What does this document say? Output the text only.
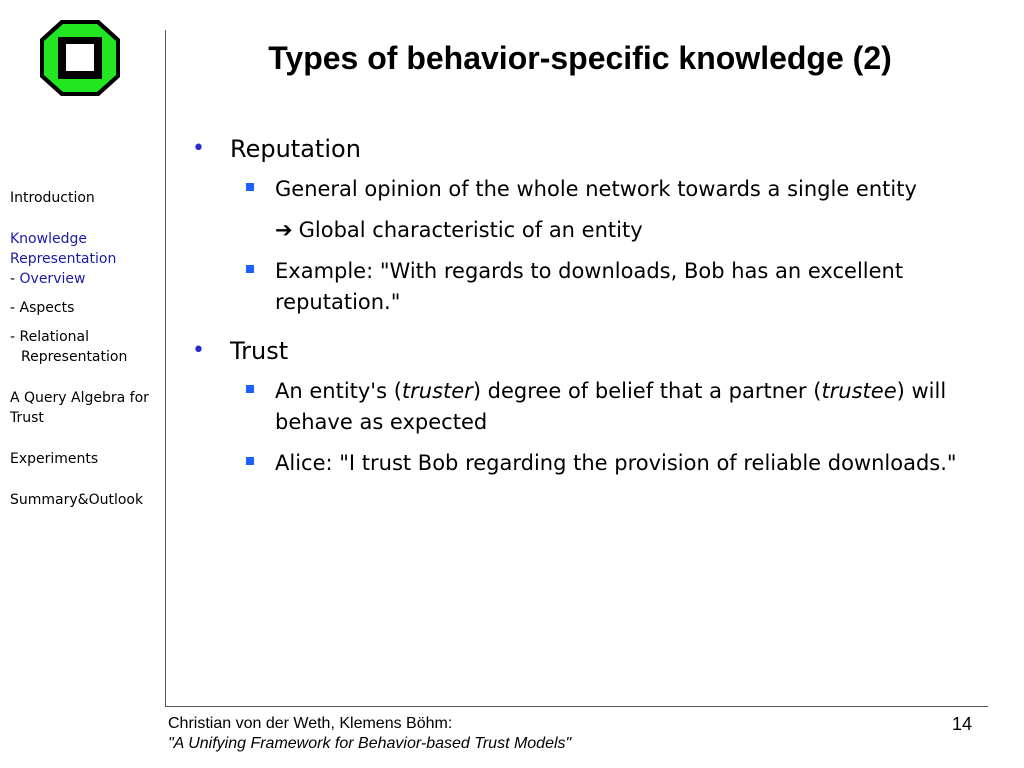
Types of behavior-specific knowledge (2)
Introduction
Knowledge Representation
- Overview
- Aspects
- Relational
Representation
A Query Algebra for Trust
Experiments
Summary&Outlook
• Reputation
General opinion of the whole network towards a single entity
➔ Global characteristic of an entity
Example: "With regards to downloads, Bob has an excellent reputation."
• Trust
An entity's (truster) degree of belief that a partner (trustee) will behave as expected
Alice: "I trust Bob regarding the provision of reliable downloads."
Christian von der Weth, Klemens Böhm:
"A Unifying Framework for Behavior-based Trust Models"
14
